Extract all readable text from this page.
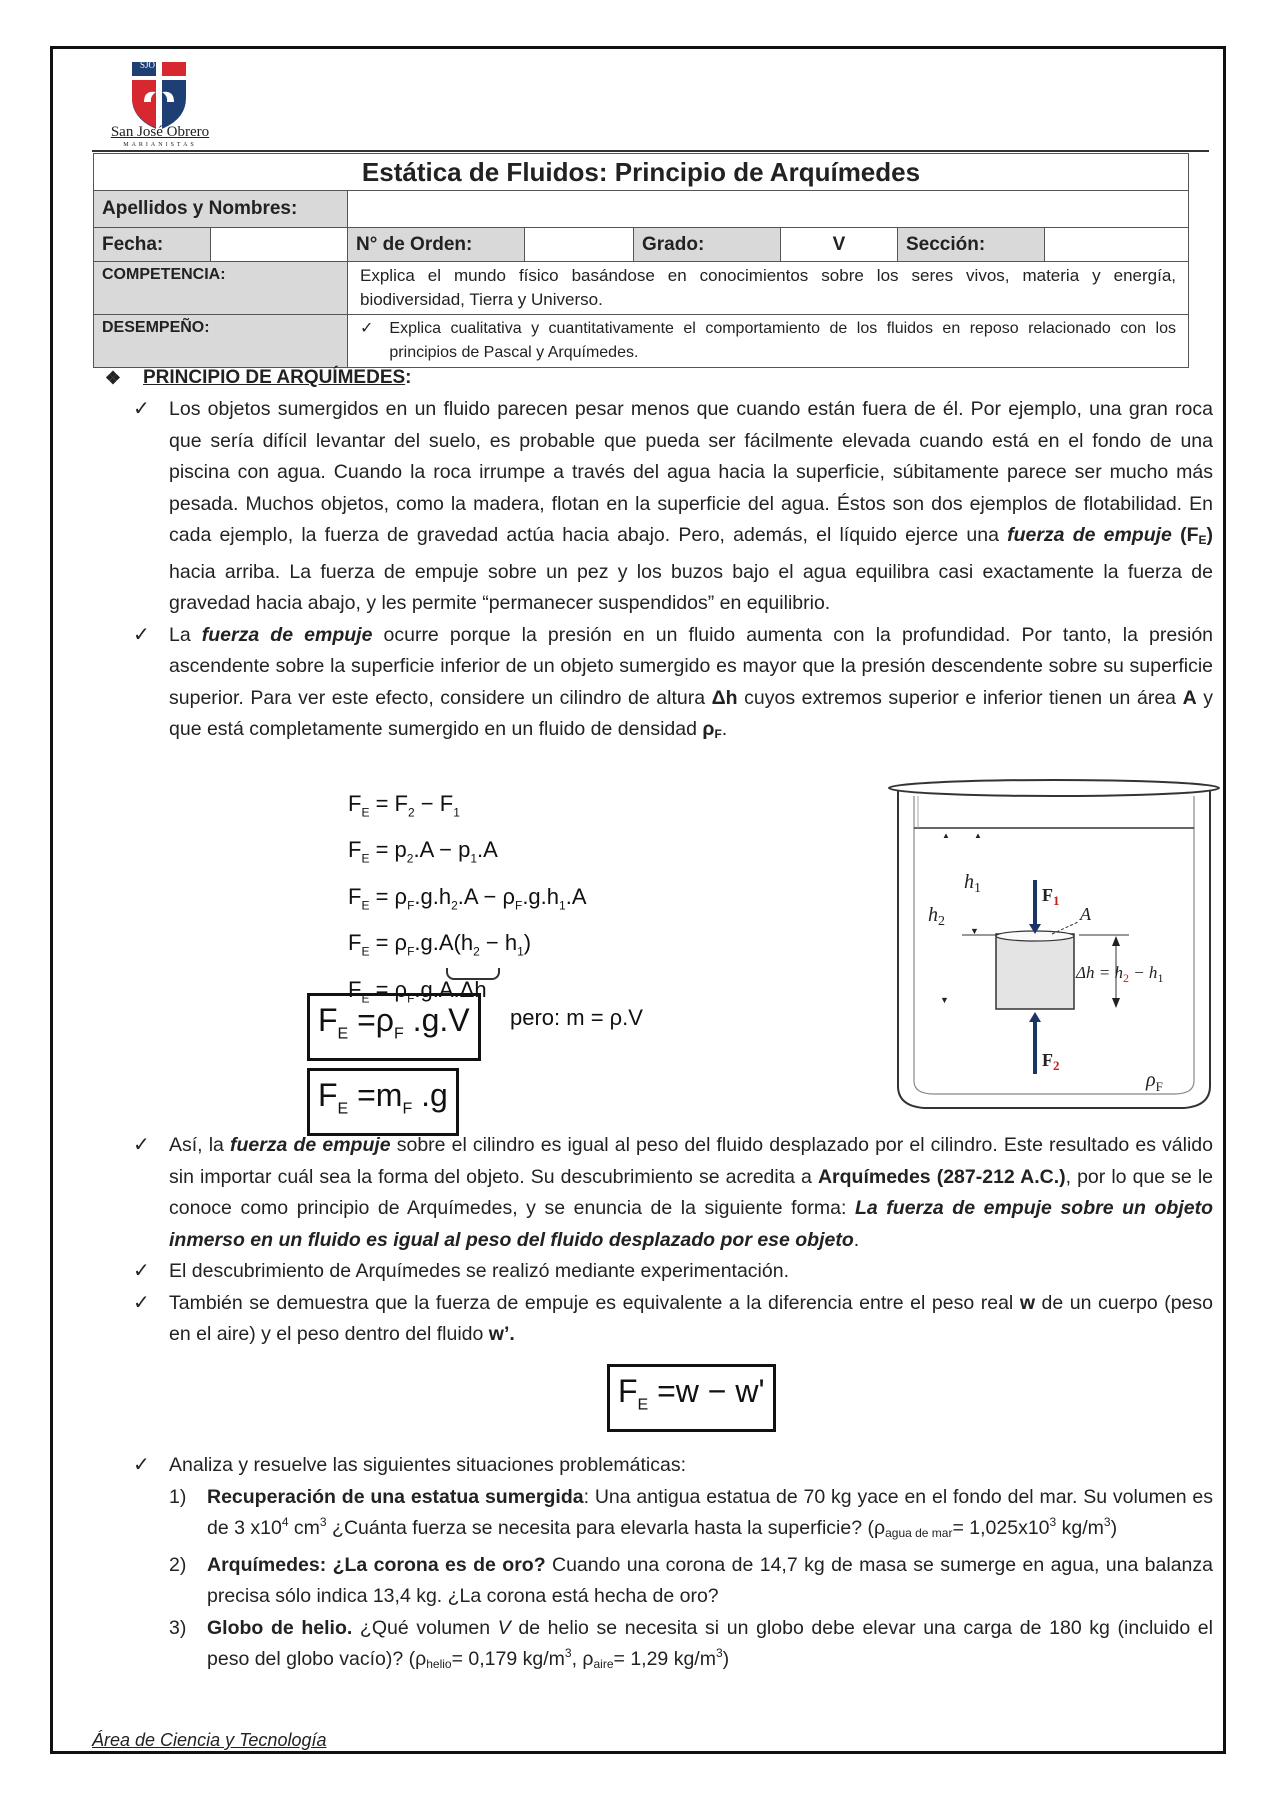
San José Obrero
MARIANISTAS
SJO
Estática de Fluidos: Principio de Arquímedes							
Apellidos y Nombres:							
Fecha:		N° de Orden:		Grado:	V	Sección:	
COMPETENCIA:		Explica el mundo físico basándose en conocimientos sobre los seres vivos, materia y energía, biodiversidad, Tierra y Universo.					
DESEMPEÑO:		✓ Explica cualitativa y cuantitativamente el comportamiento de los fluidos en reposo relacionado con los principios de Pascal y Arquímedes.					
❖	PRINCIPIO DE ARQUÍMEDES :
✓ Los objetos sumergidos en un fluido parecen pesar menos que cuando están fuera de él. Por ejemplo, una gran roca que sería difícil levantar del suelo, es probable que pueda ser fácilmente elevada cuando está en el fondo de una piscina con agua. Cuando la roca irrumpe a través del agua hacia la superficie, súbitamente parece ser mucho más pesada. Muchos objetos, como la madera, flotan en la superficie del agua. Éstos son dos ejemplos de flotabilidad. En cada ejemplo, la fuerza de gravedad actúa hacia abajo. Pero, además, el líquido ejerce una fuerza de empuje $(F_E)$ hacia arriba. La fuerza de empuje sobre un pez y los buzos bajo el agua equilibra casi exactamente la fuerza de gravedad hacia abajo, y les permite “permanecer suspendidos” en equilibrio.
✓ La fuerza de empuje ocurre porque la presión en un fluido aumenta con la profundidad. Por tanto, la presión ascendente sobre la superficie inferior de un objeto sumergido es mayor que la presión descendente sobre su superficie superior. Para ver este efecto, considere un cilindro de altura Δh cuyos extremos superior e inferior tienen un área A y que está completamente sumergido en un fluido de densidad $\rho_F$.
$F_E = F_2 - F_1$
$F_E = p_2.A - p_1.A$
$F_E = \rho_F.g.h_2.A - \rho_F.g.h_1.A$
$F_E = \rho_F.g.A(h_2 - h_1)$
$F_E = \rho_F.g.A.\Delta h$
$F_E =\rho_F$ .g.V	pero: m = ρ.V
$F_E =m_F$ .g
▲	▲
$h_1$
$h_2$
▼
▼
$F_1$
A
$F_2$
$\Delta h = h_2 - h_1$
$\rho_F$
✓ Así, la fuerza de empuje sobre el cilindro es igual al peso del fluido desplazado por el cilindro. Este resultado es válido sin importar cuál sea la forma del objeto. Su descubrimiento se acredita a Arquímedes (287-212 A.C.), por lo que se le conoce como principio de Arquímedes, y se enuncia de la siguiente forma: La fuerza de empuje sobre un objeto inmerso en un fluido es igual al peso del fluido desplazado por ese objeto.
✓ El descubrimiento de Arquímedes se realizó mediante experimentación.
✓ También se demuestra que la fuerza de empuje es equivalente a la diferencia entre el peso real w de un cuerpo (peso en el aire) y el peso dentro del fluido w’.
$F_E =w - w'$
✓ Analiza y resuelve las siguientes situaciones problemáticas:
1) Recuperación de una estatua sumergida: Una antigua estatua de 70 kg yace en el fondo del mar. Su volumen es de 3 $x10^4$ $cm^3$ ¿Cuánta fuerza se necesita para elevarla hasta la superficie? ($\rho_{agua de mar}= 1,025x10^3$ $kg/m^3$)
2) Arquímedes: ¿La corona es de oro? Cuando una corona de 14,7 kg de masa se sumerge en agua, una balanza precisa sólo indica 13,4 kg. ¿La corona está hecha de oro?
3) Globo de helio. ¿Qué volumen V de helio se necesita si un globo debe elevar una carga de 180 kg (incluido el peso del globo vacío)? ($\rho_{helio}= 0,179$ $kg/m^3$, $\rho_{aire}= 1,29$ $kg/m^3$)
Área de Ciencia y Tecnología
